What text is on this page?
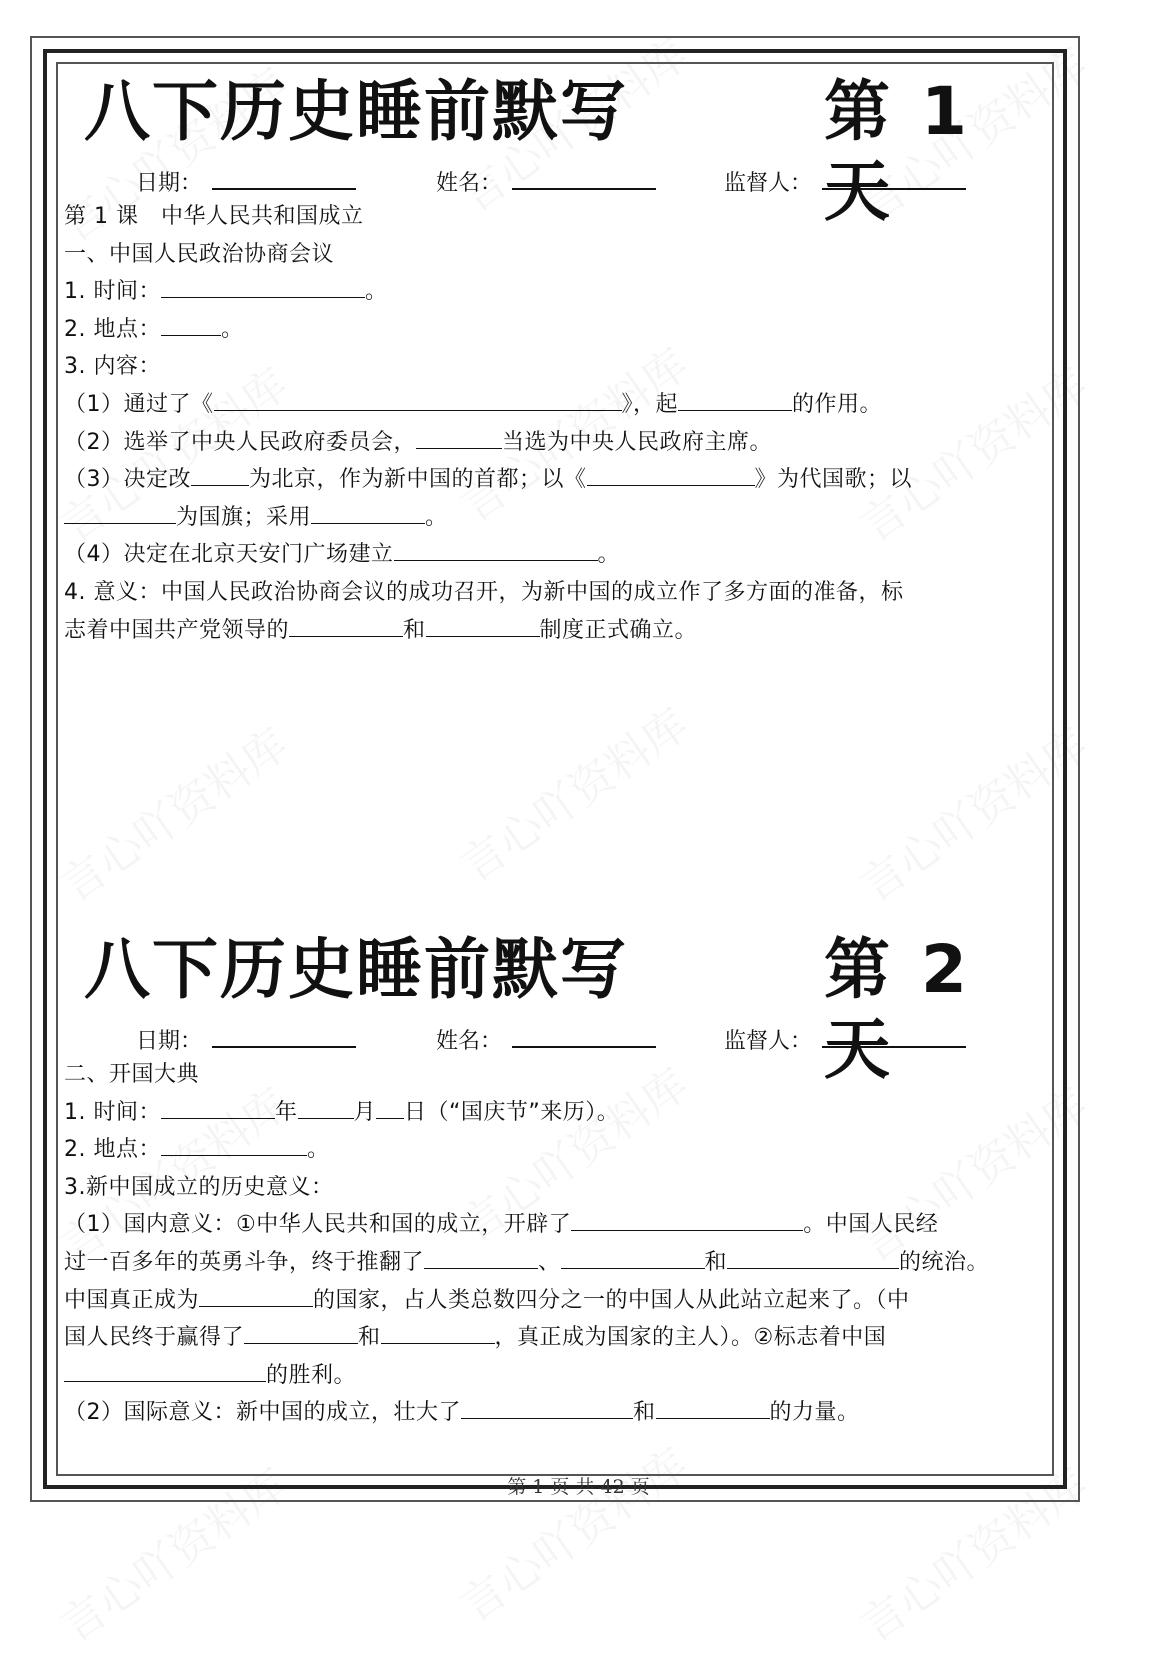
八下历史睡前默写	第 1 天
日期：	姓名：	监督人：
第 1 课　中华人民共和国成立
一、中国人民政治协商会议
1. 时间：	。
2. 地点：	。
3. 内容：
（1）通过了《	》，起	的作用。
（2）选举了中央人民政府委员会，	当选为中央人民政府主席。
（3）决定改	为北京，作为新中国的首都；以《	》为代国歌；以
为国旗；采用	。
（4）决定在北京天安门广场建立	。
4. 意义：中国人民政治协商会议的成功召开，为新中国的成立作了多方面的准备，标
志着中国共产党领导的	和	制度正式确立。
八下历史睡前默写	第 2 天
日期：	姓名：	监督人：
二、开国大典
1. 时间：	年	月 日（“国庆节”来历）。
2. 地点：	。
3.新中国成立的历史意义：
（1）国内意义：①中华人民共和国的成立，开辟了	。中国人民经
过一百多年的英勇斗争，终于推翻了	、	和	的统治。
中国真正成为	的国家，占人类总数四分之一的中国人从此站立起来了。（中
国人民终于赢得了	和	，真正成为国家的主人）。②标志着中国
的胜利。
（2）国际意义：新中国的成立，壮大了	和	的力量。
第 1 页 共 42 页
